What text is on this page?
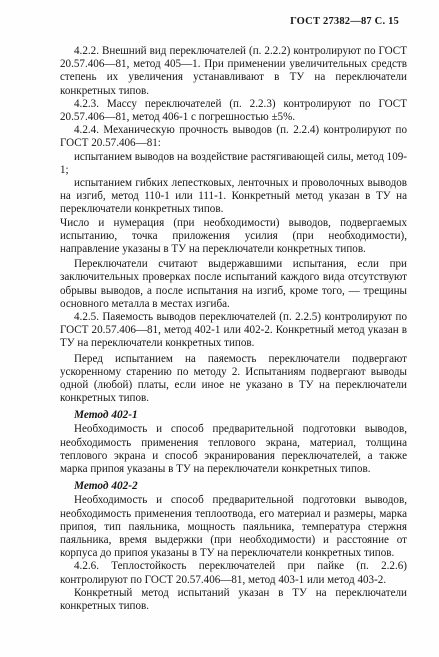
ГОСТ 27382—87 С. 15

4.2.2. Внешний вид переключателей (п. 2.2.2) контролируют по ГОСТ 20.57.406—81, метод 405—1. При применении увеличительных средств степень их увеличения устанавливают в ТУ на переключатели конкретных типов.

4.2.3. Массу переключателей (п. 2.2.3) контролируют по ГОСТ 20.57.406—81, метод 406-1 с погрешностью ±5%.

4.2.4. Механическую прочность выводов (п. 2.2.4) контролируют по ГОСТ 20.57.406—81:

испытанием выводов на воздействие растягивающей силы, метод 109-1;

испытанием гибких лепестковых, ленточных и проволочных выводов на изгиб, метод 110-1 или 111-1. Конкретный метод указан в ТУ на переключатели конкретных типов.

Число и нумерация (при необходимости) выводов, подвергаемых испытанию, точка приложения усилия (при необходимости), направление указаны в ТУ на переключатели конкретных типов.

Переключатели считают выдержавшими испытания, если при заключительных проверках после испытаний каждого вида отсутствуют обрывы выводов, а после испытания на изгиб, кроме того, — трещины основного металла в местах изгиба.

4.2.5. Паяемость выводов переключателей (п. 2.2.5) контролируют по ГОСТ 20.57.406—81, метод 402-1 или 402-2. Конкретный метод указан в ТУ на переключатели конкретных типов.

Перед испытанием на паяемость переключатели подвергают ускоренному старению по методу 2. Испытаниям подвергают выводы одной (любой) платы, если иное не указано в ТУ на переключатели конкретных типов.

Метод 402-1

Необходимость и способ предварительной подготовки выводов, необходимость применения теплового экрана, материал, толщина теплового экрана и способ экранирования переключателей, а также марка припоя указаны в ТУ на переключатели конкретных типов.

Метод 402-2

Необходимость и способ предварительной подготовки выводов, необходимость применения теплоотвода, его материал и размеры, марка припоя, тип паяльника, мощность паяльника, температура стержня паяльника, время выдержки (при необходимости) и расстояние от корпуса до припоя указаны в ТУ на переключатели конкретных типов.

4.2.6. Теплостойкость переключателей при пайке (п. 2.2.6) контролируют по ГОСТ 20.57.406—81, метод 403-1 или метод 403-2.

Конкретный метод испытаний указан в ТУ на переключатели конкретных типов.
